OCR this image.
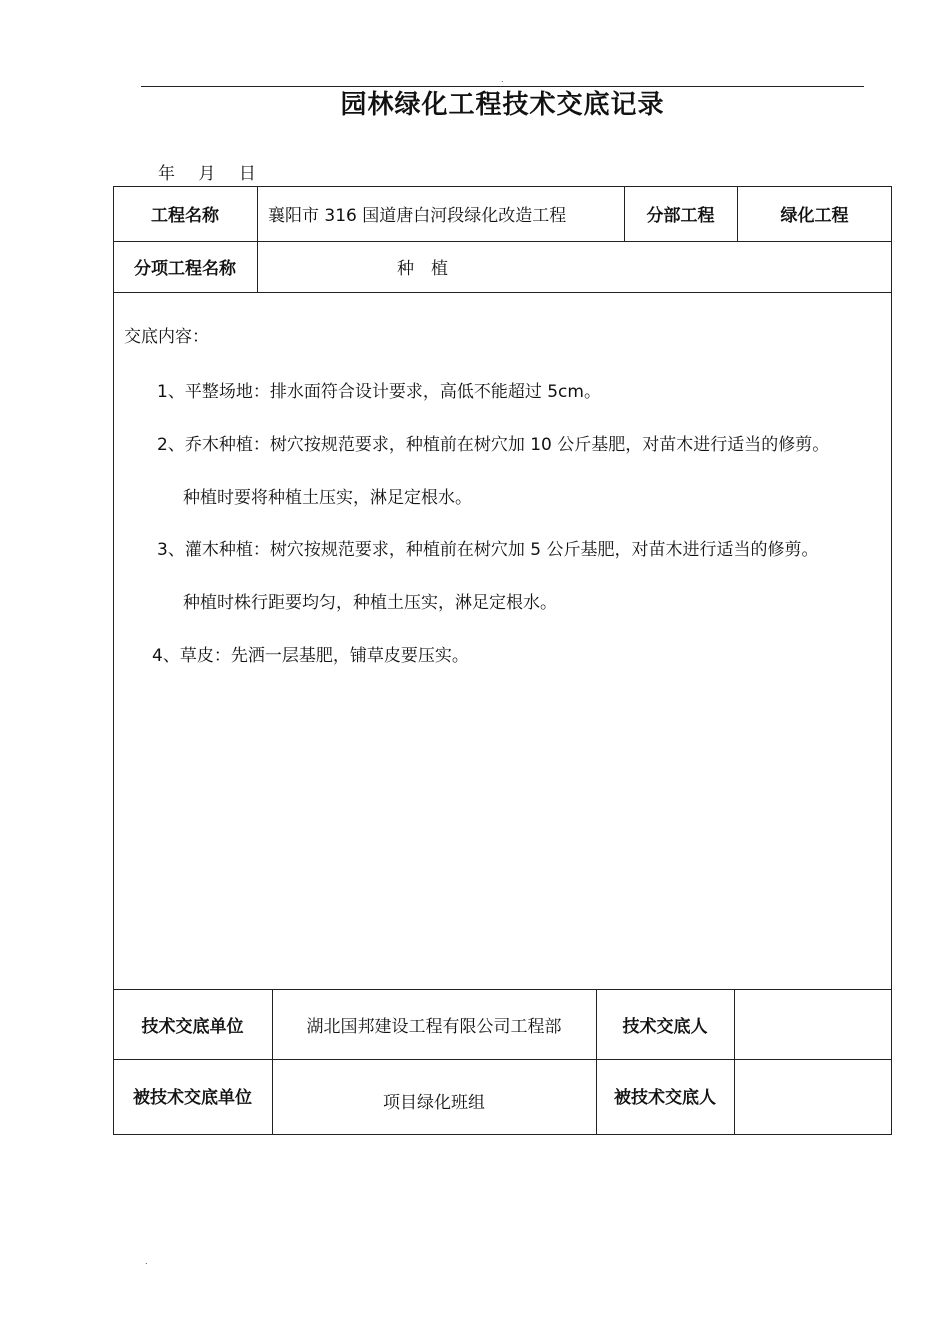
.
园林绿化工程技术交底记录
年 月 日
工程名称	襄阳市 316 国道唐白河段绿化改造工程	分部工程	绿化工程
分项工程名称	种　植
交底内容：
1、平整场地：排水面符合设计要求，高低不能超过 5cm。
2、乔木种植：树穴按规范要求，种植前在树穴加 10 公斤基肥，对苗木进行适当的修剪。
种植时要将种植土压实，淋足定根水。
3、灌木种植：树穴按规范要求，种植前在树穴加 5 公斤基肥，对苗木进行适当的修剪。
种植时株行距要均匀，种植土压实，淋足定根水。
4、草皮：先洒一层基肥，铺草皮要压实。
技术交底单位	湖北国邦建设工程有限公司工程部	技术交底人
被技术交底单位	项目绿化班组	被技术交底人
.
